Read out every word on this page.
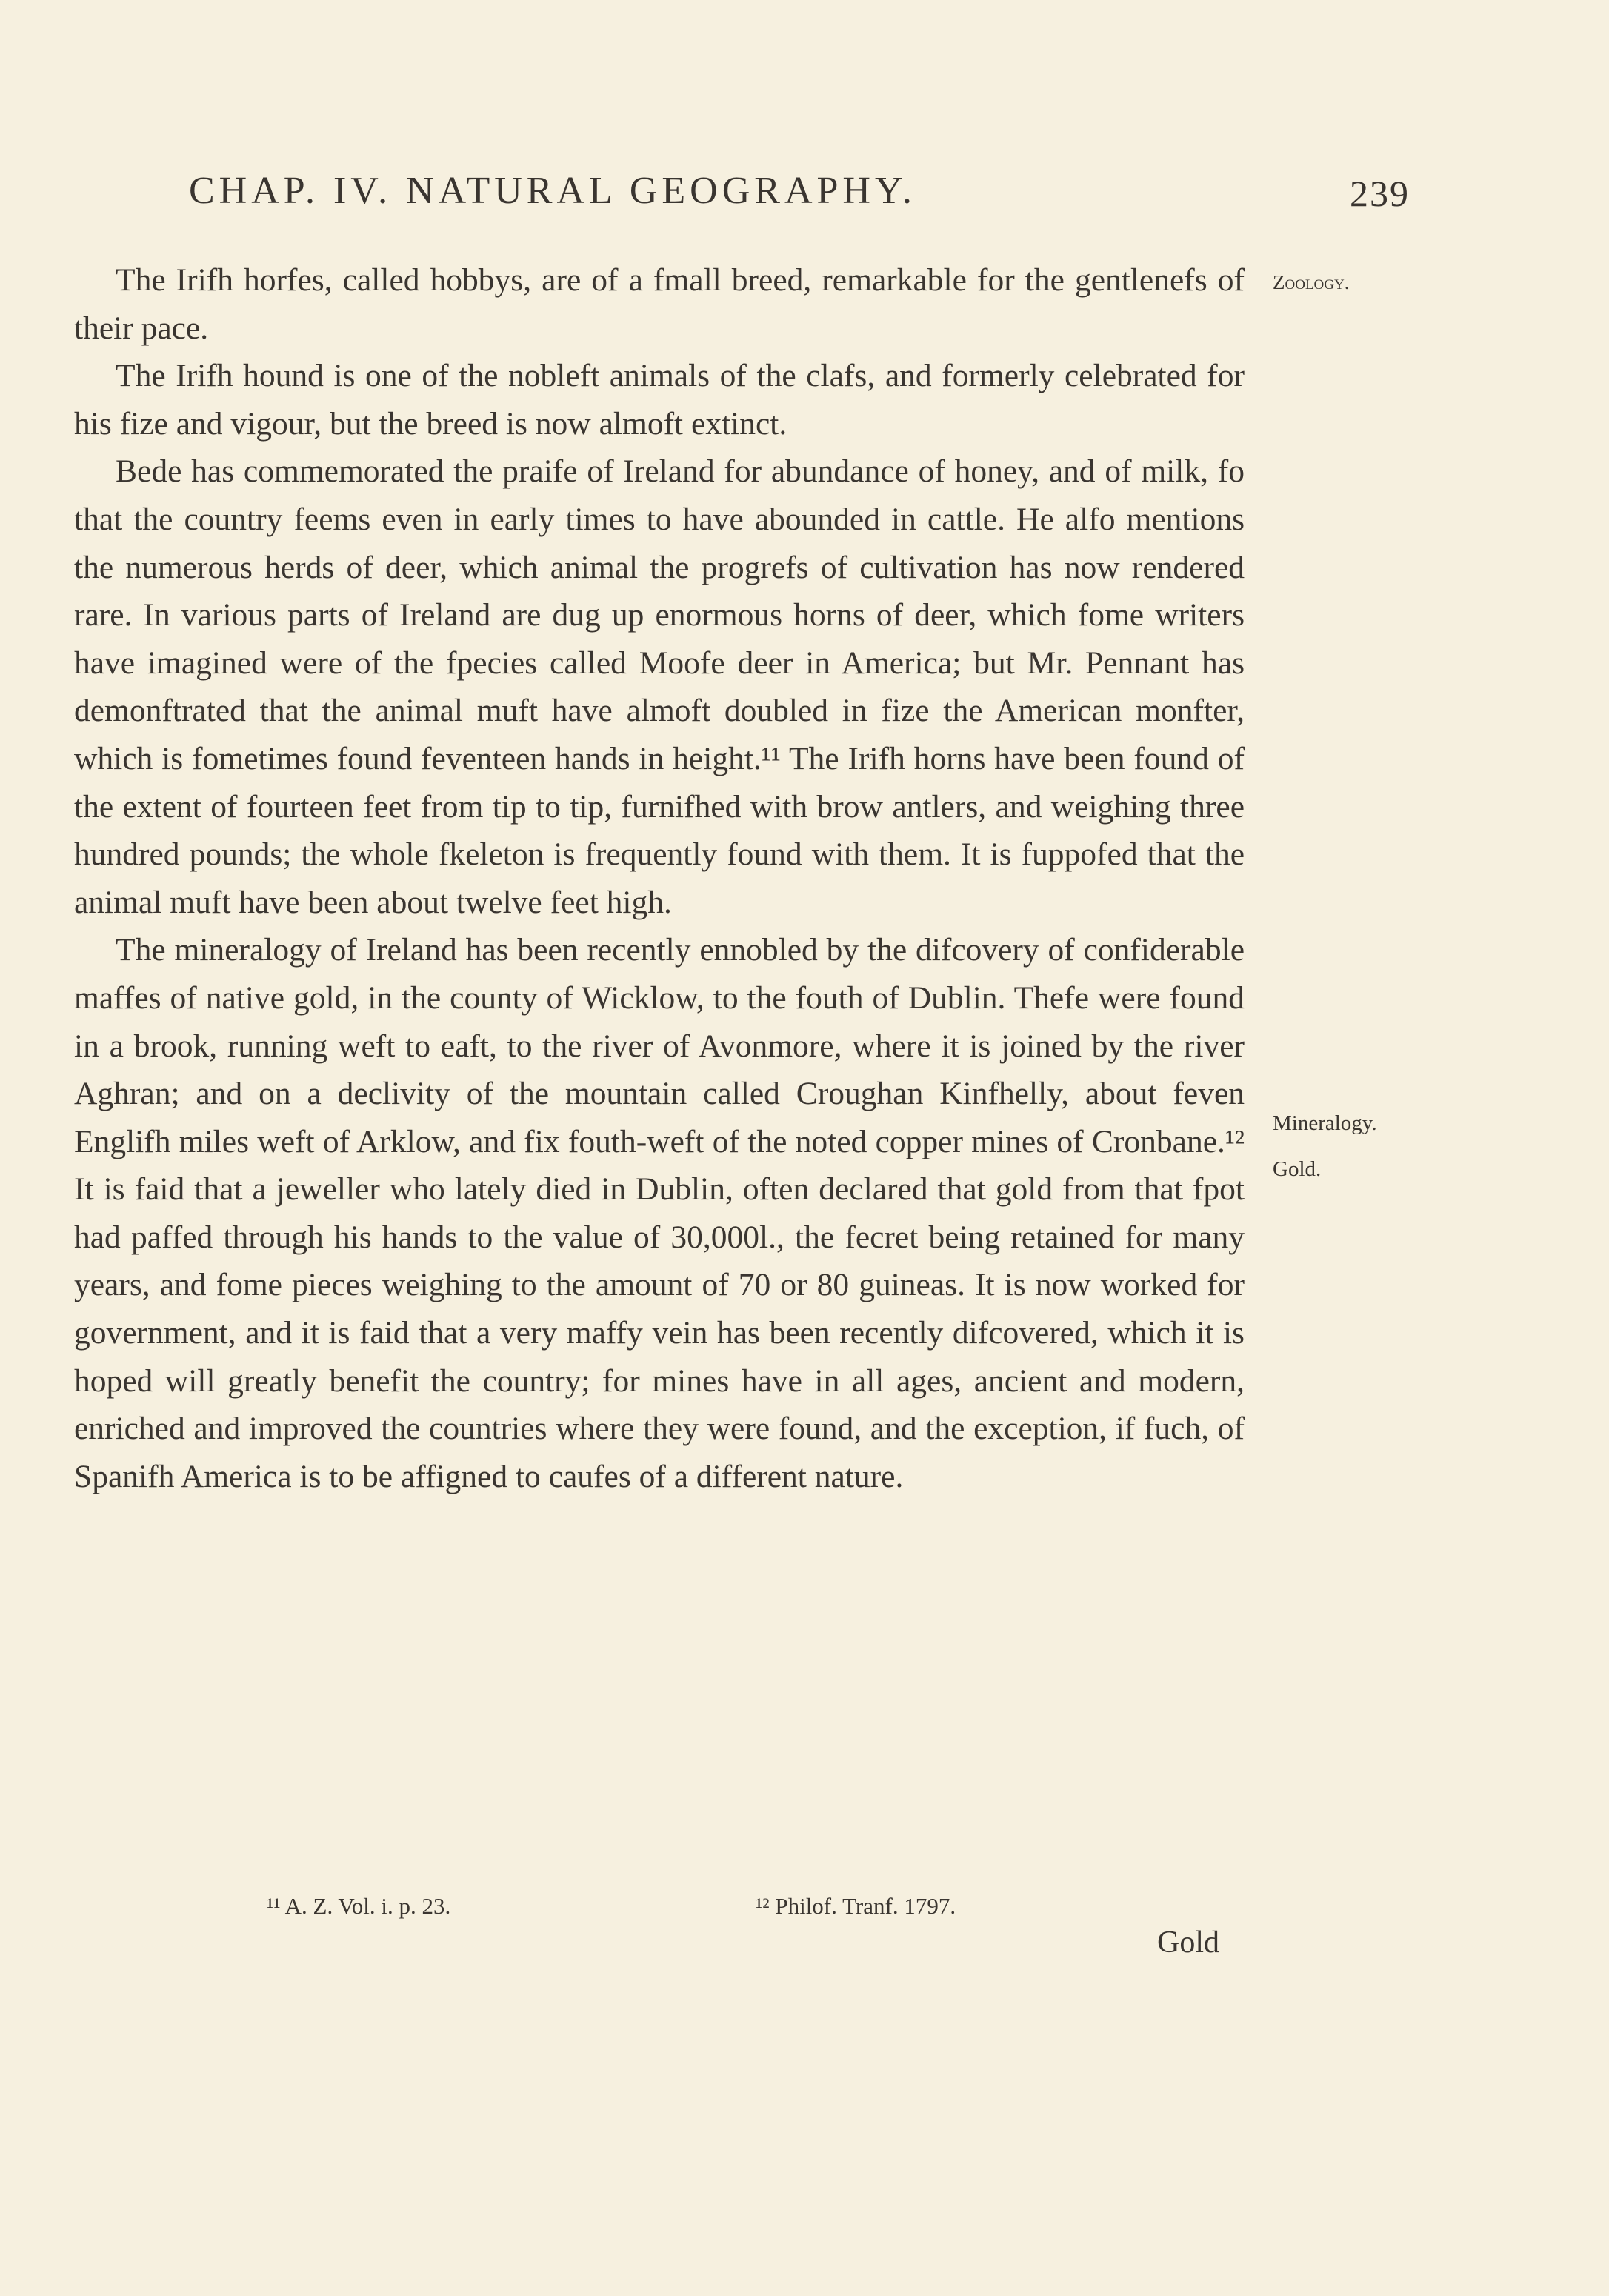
CHAP. IV. NATURAL GEOGRAPHY.	239
Zoology.
Mineralogy.
Gold.

The Irifh horfes, called hobbys, are of a fmall breed, remarkable for the gentlenefs of their pace.

The Irifh hound is one of the nobleft animals of the clafs, and formerly celebrated for his fize and vigour, but the breed is now almoft extinct.

Bede has commemorated the praife of Ireland for abundance of honey, and of milk, fo that the country feems even in early times to have abounded in cattle. He alfo mentions the numerous herds of deer, which animal the progrefs of cultivation has now rendered rare. In various parts of Ireland are dug up enormous horns of deer, which fome writers have imagined were of the fpecies called Moofe deer in America; but Mr. Pennant has demonftrated that the animal muft have almoft doubled in fize the American monfter, which is fometimes found feventeen hands in height.¹¹ The Irifh horns have been found of the extent of fourteen feet from tip to tip, furnifhed with brow antlers, and weighing three hundred pounds; the whole fkeleton is frequently found with them. It is fuppofed that the animal muft have been about twelve feet high.

The mineralogy of Ireland has been recently ennobled by the difcovery of confiderable maffes of native gold, in the county of Wicklow, to the fouth of Dublin. Thefe were found in a brook, running weft to eaft, to the river of Avonmore, where it is joined by the river Aghran; and on a declivity of the mountain called Croughan Kinfhelly, about feven Englifh miles weft of Arklow, and fix fouth-weft of the noted copper mines of Cronbane.¹² It is faid that a jeweller who lately died in Dublin, often declared that gold from that fpot had paffed through his hands to the value of 30,000l., the fecret being retained for many years, and fome pieces weighing to the amount of 70 or 80 guineas. It is now worked for government, and it is faid that a very maffy vein has been recently difcovered, which it is hoped will greatly benefit the country; for mines have in all ages, ancient and modern, enriched and improved the countries where they were found, and the exception, if fuch, of Spanifh America is to be affigned to caufes of a different nature.

¹¹ A. Z. Vol. i. p. 23.	¹² Philof. Tranf. 1797.
Gold
